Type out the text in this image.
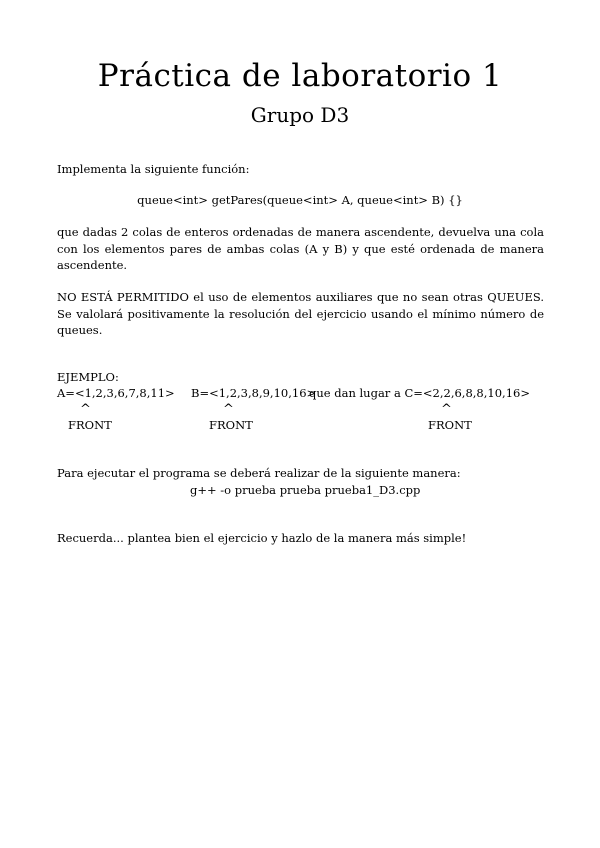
Práctica de laboratorio 1
Grupo D3
Implementa la siguiente función:
queue<int> getPares(queue<int> A, queue<int> B) {}
que dadas 2 colas de enteros ordenadas de manera ascendente, devuelva una cola con los elementos pares de ambas colas (A y B) y que esté ordenada de manera ascendente.
NO ESTÁ PERMITIDO el uso de elementos auxiliares que no sean otras QUEUES. Se valolará positivamente la resolución del ejercicio usando el mínimo número de queues.
EJEMPLO:
A=<1,2,3,6,7,8,11> B=<1,2,3,8,9,10,16>
que dan lugar a C=<2,2,6,8,8,10,16>
^	^	^
FRONT	FRONT	FRONT
Para ejecutar el programa se deberá realizar de la siguiente manera:
g++ -o prueba prueba prueba1_D3.cpp
Recuerda... plantea bien el ejercicio y hazlo de la manera más simple!
